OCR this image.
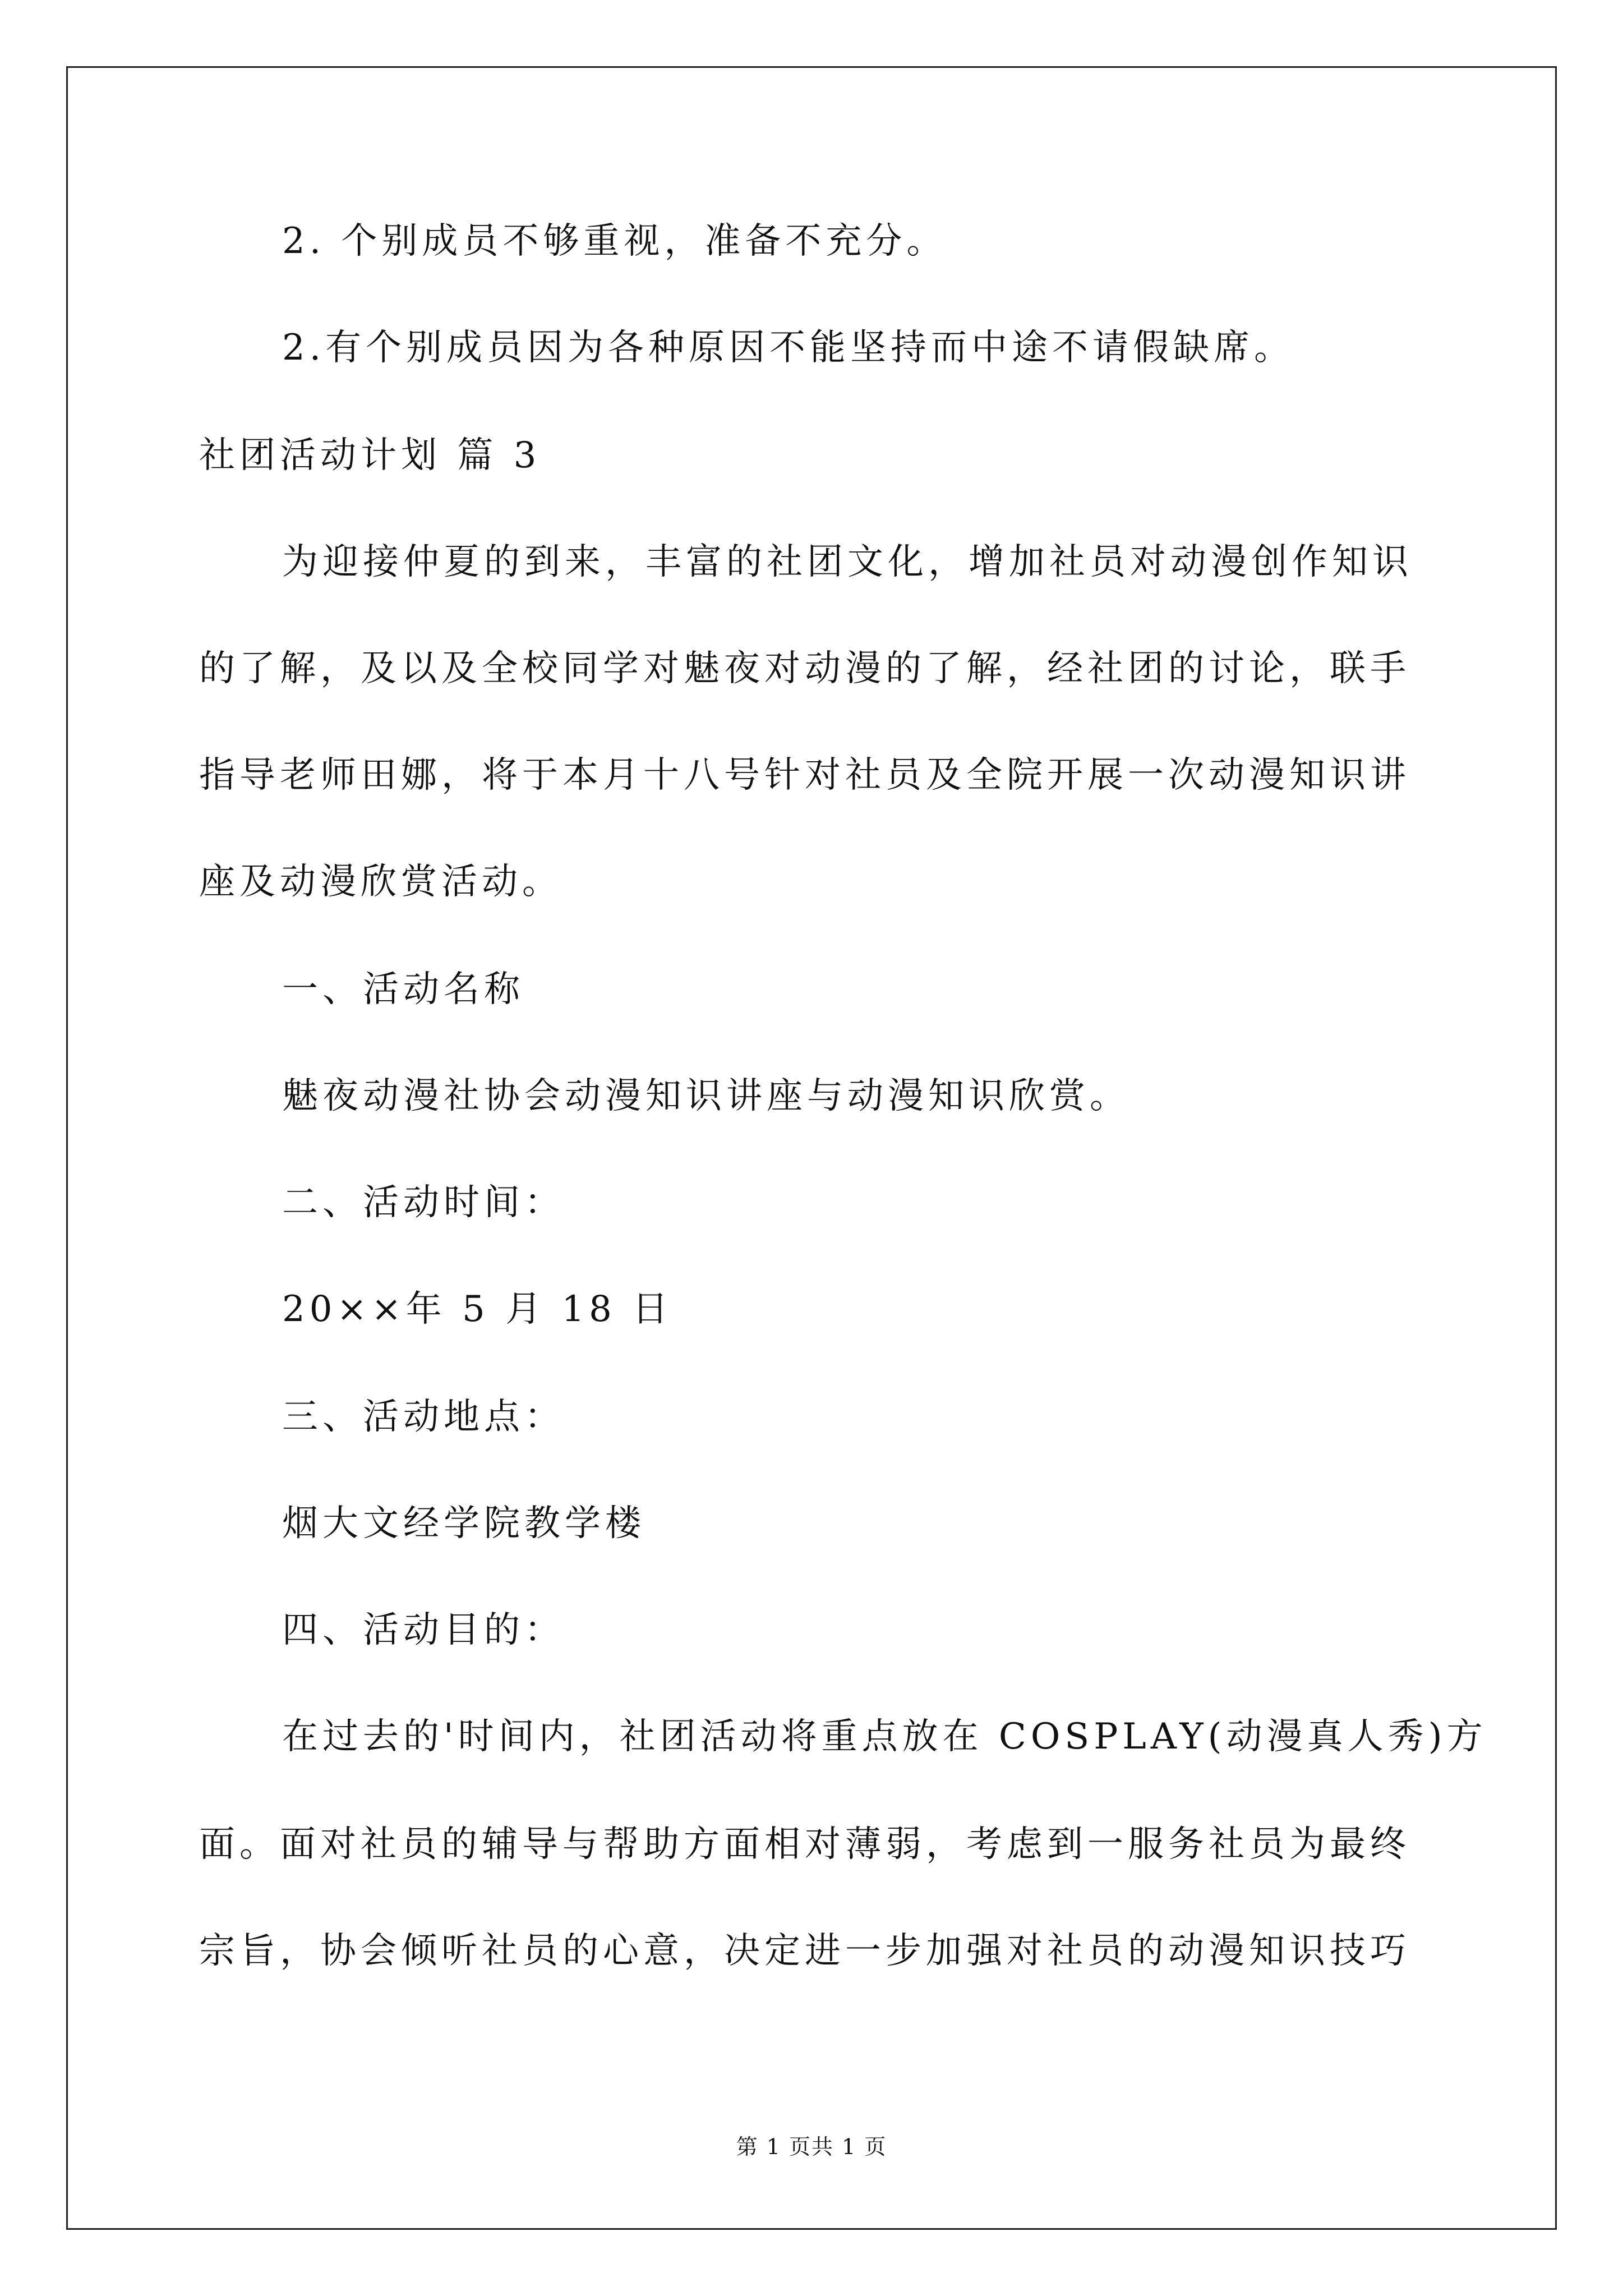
2. 个别成员不够重视，准备不充分。
2.有个别成员因为各种原因不能坚持而中途不请假缺席。
社团活动计划 篇 3
为迎接仲夏的到来，丰富的社团文化，增加社员对动漫创作知识
的了解，及以及全校同学对魅夜对动漫的了解，经社团的讨论，联手
指导老师田娜，将于本月十八号针对社员及全院开展一次动漫知识讲
座及动漫欣赏活动。
一、活动名称
魅夜动漫社协会动漫知识讲座与动漫知识欣赏。
二、活动时间：
20××年 5 月 18 日
三、活动地点：
烟大文经学院教学楼
四、活动目的：
在过去的'时间内，社团活动将重点放在 COSPLAY(动漫真人秀)方
面。面对社员的辅导与帮助方面相对薄弱，考虑到一服务社员为最终
宗旨，协会倾听社员的心意，决定进一步加强对社员的动漫知识技巧
第 1 页共 1 页
